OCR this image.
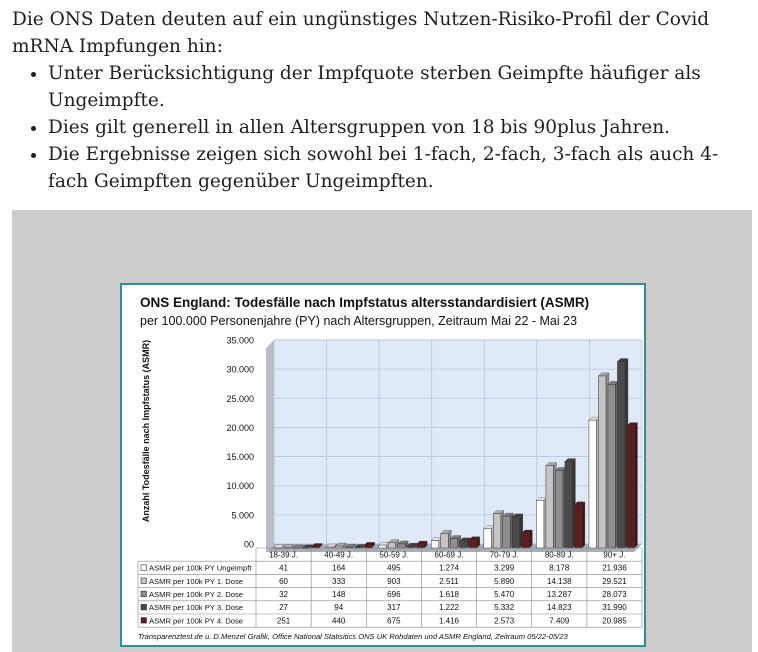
Die ONS Daten deuten auf ein ungünstiges Nutzen-Risiko-Profil der Covid mRNA Impfungen hin:

• Unter Berücksichtigung der Impfquote sterben Geimpfte häufiger als Ungeimpfte.
• Dies gilt generell in allen Altersgruppen von 18 bis 90plus Jahren.
• Die Ergebnisse zeigen sich sowohl bei 1-fach, 2-fach, 3-fach als auch 4-fach Geimpften gegenüber Ungeimpften.
ONS England: Todesfälle nach Impfstatus altersstandardisiert (ASMR)
per 100.000 Personenjahre (PY) nach Altersgruppen, Zeitraum Mai 22 - Mai 23
Anzahl Todesfälle nach Impfstatus (ASMR)
00
5.000
10.000
15.000
20.000
25.000
30.000
35.000
18-39 J.	40-49 J.	50-59 J.	60-69 J.	70-79 J.	80-89 J.	90+ J.
ASMR per 100k PY Ungeimpft	41	164	495	1.274	3.299	8.178	21.936
ASMR per 100k PY 1. Dose	60	333	903	2.511	5.890	14.138	29.521
ASMR per 100k PY 2. Dose	32	148	696	1.618	5.470	13.287	28.073
ASMR per 100k PY 3. Dose	27	94	317	1.222	5.332	14.823	31.990
ASMR per 100k PY 4. Dose	251	440	675	1.416	2.573	7.409	20.985
Transparenztest.de u. D.Menzel Grafik, Office National Statisitics ONS UK Rohdaten und ASMR England, Zeitraum 05/22-05/23
